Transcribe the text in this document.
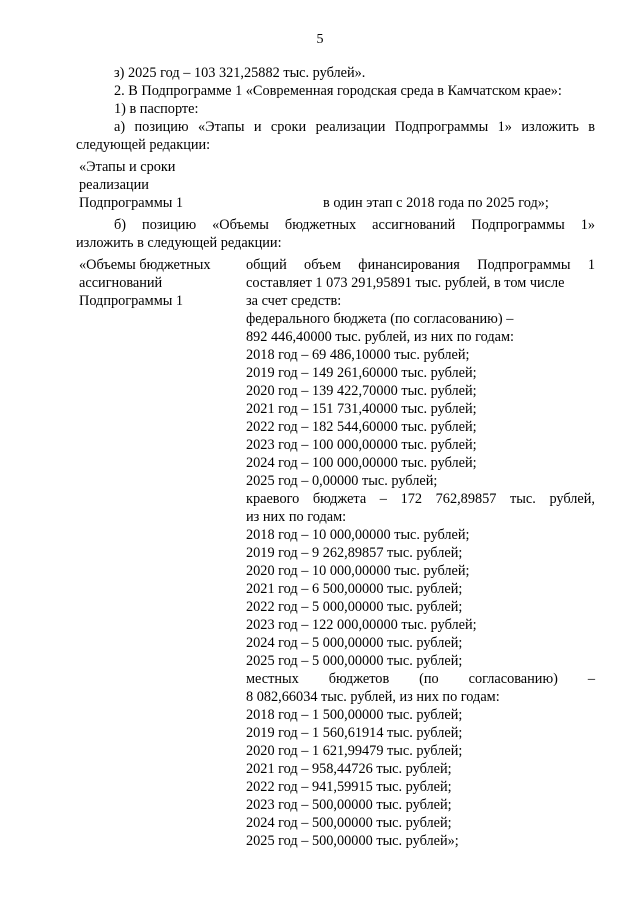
5
з) 2025 год – 103 321,25882 тыс. рублей».
2. В Подпрограмме 1 «Современная городская среда в Камчатском крае»:
1) в паспорте:
а) позицию «Этапы и сроки реализации Подпрограммы 1» изложить в
следующей редакции:
«Этапы и сроки
реализации
Подпрограммы 1	в один этап с 2018 года по 2025 год»;
б) позицию «Объемы бюджетных ассигнований Подпрограммы 1»
изложить в следующей редакции:
«Объемы бюджетных
ассигнований
Подпрограммы 1
общий объем финансирования Подпрограммы 1
составляет 1 073 291,95891 тыс. рублей, в том числе
за счет средств:
федерального бюджета (по согласованию) –
892 446,40000 тыс. рублей, из них по годам:
2018 год – 69 486,10000 тыс. рублей;
2019 год – 149 261,60000 тыс. рублей;
2020 год – 139 422,70000 тыс. рублей;
2021 год – 151 731,40000 тыс. рублей;
2022 год – 182 544,60000 тыс. рублей;
2023 год – 100 000,00000 тыс. рублей;
2024 год – 100 000,00000 тыс. рублей;
2025 год – 0,00000 тыс. рублей;
краевого бюджета – 172 762,89857 тыс. рублей,
из них по годам:
2018 год – 10 000,00000 тыс. рублей;
2019 год – 9 262,89857 тыс. рублей;
2020 год – 10 000,00000 тыс. рублей;
2021 год – 6 500,00000 тыс. рублей;
2022 год – 5 000,00000 тыс. рублей;
2023 год – 122 000,00000 тыс. рублей;
2024 год – 5 000,00000 тыс. рублей;
2025 год – 5 000,00000 тыс. рублей;
местных бюджетов (по согласованию) –
8 082,66034 тыс. рублей, из них по годам:
2018 год – 1 500,00000 тыс. рублей;
2019 год – 1 560,61914 тыс. рублей;
2020 год – 1 621,99479 тыс. рублей;
2021 год – 958,44726 тыс. рублей;
2022 год – 941,59915 тыс. рублей;
2023 год – 500,00000 тыс. рублей;
2024 год – 500,00000 тыс. рублей;
2025 год – 500,00000 тыс. рублей»;
